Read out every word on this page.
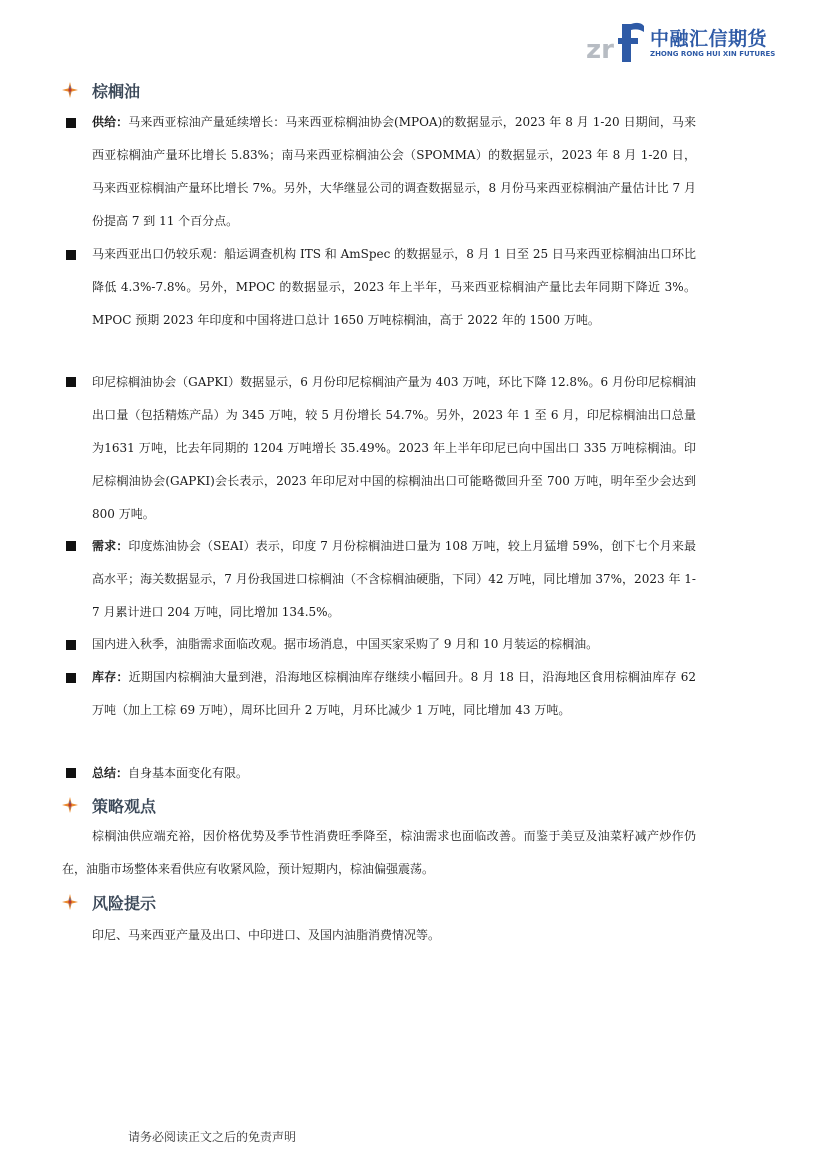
zr 中融汇信期货
ZHONG RONG HUI XIN FUTURES
棕榈油
供给：马来西亚棕油产量延续增长：马来西亚棕榈油协会(MPOA)的数据显示，2023 年 8 月 1-20 日期间，马来西亚棕榈油产量环比增长 5.83%；南马来西亚棕榈油公会（SPOMMA）的数据显示，2023 年 8 月 1-20 日，马来西亚棕榈油产量环比增长 7%。另外，大华继显公司的调查数据显示，8 月份马来西亚棕榈油产量估计比 7 月份提高 7 到 11 个百分点。
马来西亚出口仍较乐观：船运调查机构 ITS 和 AmSpec 的数据显示，8 月 1 日至 25 日马来西亚棕榈油出口环比降低 4.3%-7.8%。另外，MPOC 的数据显示，2023 年上半年，马来西亚棕榈油产量比去年同期下降近 3%。MPOC 预期 2023 年印度和中国将进口总计 1650 万吨棕榈油，高于 2022 年的 1500 万吨。
印尼棕榈油协会（GAPKI）数据显示，6 月份印尼棕榈油产量为 403 万吨，环比下降 12.8%。6 月份印尼棕榈油出口量（包括精炼产品）为 345 万吨，较 5 月份增长 54.7%。另外，2023 年 1 至 6 月，印尼棕榈油出口总量为1631 万吨，比去年同期的 1204 万吨增长 35.49%。2023 年上半年印尼已向中国出口 335 万吨棕榈油。印尼棕榈油协会(GAPKI)会长表示，2023 年印尼对中国的棕榈油出口可能略微回升至 700 万吨，明年至少会达到 800 万吨。
需求：印度炼油协会（SEAI）表示，印度 7 月份棕榈油进口量为 108 万吨，较上月猛增 59%，创下七个月来最高水平；海关数据显示，7 月份我国进口棕榈油（不含棕榈油硬脂，下同）42 万吨，同比增加 37%，2023 年 1-7 月累计进口 204 万吨，同比增加 134.5%。
国内进入秋季，油脂需求面临改观。据市场消息，中国买家采购了 9 月和 10 月装运的棕榈油。
库存：近期国内棕榈油大量到港，沿海地区棕榈油库存继续小幅回升。8 月 18 日，沿海地区食用棕榈油库存 62 万吨（加上工棕 69 万吨），周环比回升 2 万吨，月环比减少 1 万吨，同比增加 43 万吨。
总结：自身基本面变化有限。
策略观点
棕榈油供应端充裕，因价格优势及季节性消费旺季降至，棕油需求也面临改善。而鉴于美豆及油菜籽减产炒作仍在，油脂市场整体来看供应有收紧风险，预计短期内，棕油偏强震荡。
风险提示
印尼、马来西亚产量及出口、中印进口、及国内油脂消费情况等。
请务必阅读正文之后的免责声明
